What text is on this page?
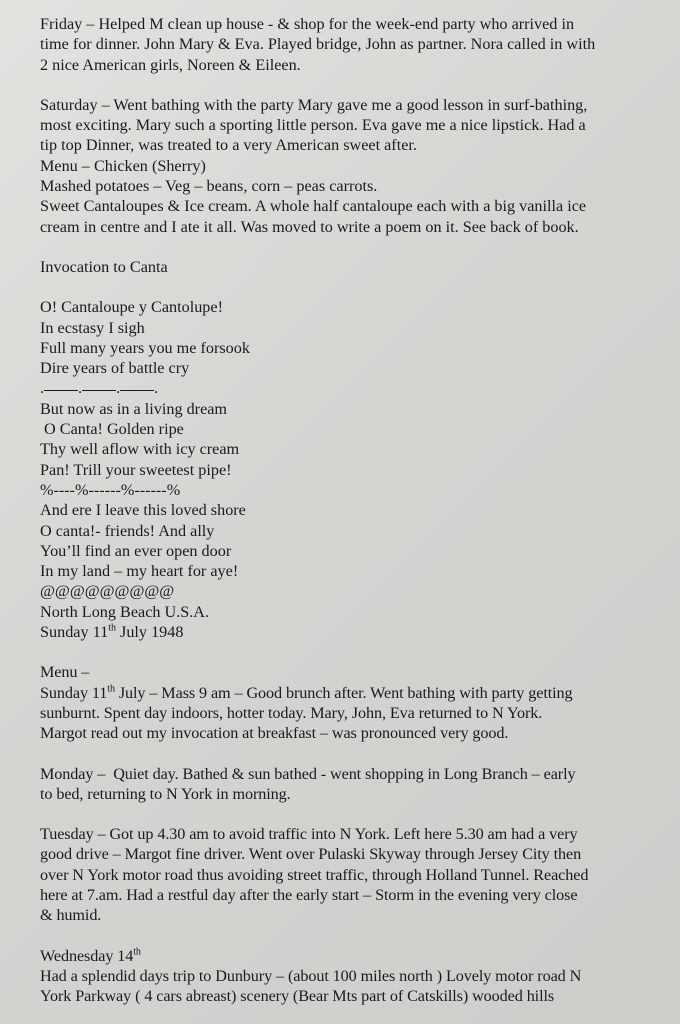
Friday – Helped M clean up house - & shop for the week-end party who arrived in
time for dinner. John Mary & Eva. Played bridge, John as partner. Nora called in with
2 nice American girls, Noreen & Eileen.
Saturday – Went bathing with the party Mary gave me a good lesson in surf-bathing,
most exciting. Mary such a sporting little person. Eva gave me a nice lipstick. Had a
tip top Dinner, was treated to a very American sweet after.
Menu – Chicken (Sherry)
Mashed potatoes – Veg – beans, corn – peas carrots.
Sweet Cantaloupes & Ice cream. A whole half cantaloupe each with a big vanilla ice
cream in centre and I ate it all. Was moved to write a poem on it. See back of book.
Invocation to Canta
O! Cantaloupe y Cantolupe!
In ecstasy I sigh
Full many years you me forsook
Dire years of battle cry
. . . .
But now as in a living dream
O Canta! Golden ripe
Thy well aflow with icy cream
Pan! Trill your sweetest pipe!
%----%------%------%
And ere I leave this loved shore
O canta!- friends! And ally
You’ll find an ever open door
In my land – my heart for aye!
@@@@@@@@@
North Long Beach U.S.A.
Sunday 11th July 1948
Menu –
Sunday 11th July – Mass 9 am – Good brunch after. Went bathing with party getting
sunburnt. Spent day indoors, hotter today. Mary, John, Eva returned to N York.
Margot read out my invocation at breakfast – was pronounced very good.
Monday –  Quiet day. Bathed & sun bathed - went shopping in Long Branch – early
to bed, returning to N York in morning.
Tuesday – Got up 4.30 am to avoid traffic into N York. Left here 5.30 am had a very
good drive – Margot fine driver. Went over Pulaski Skyway through Jersey City then
over N York motor road thus avoiding street traffic, through Holland Tunnel. Reached
here at 7.am. Had a restful day after the early start – Storm in the evening very close
& humid.
Wednesday 14th
Had a splendid days trip to Dunbury – (about 100 miles north ) Lovely motor road N
York Parkway ( 4 cars abreast) scenery (Bear Mts part of Catskills) wooded hills
